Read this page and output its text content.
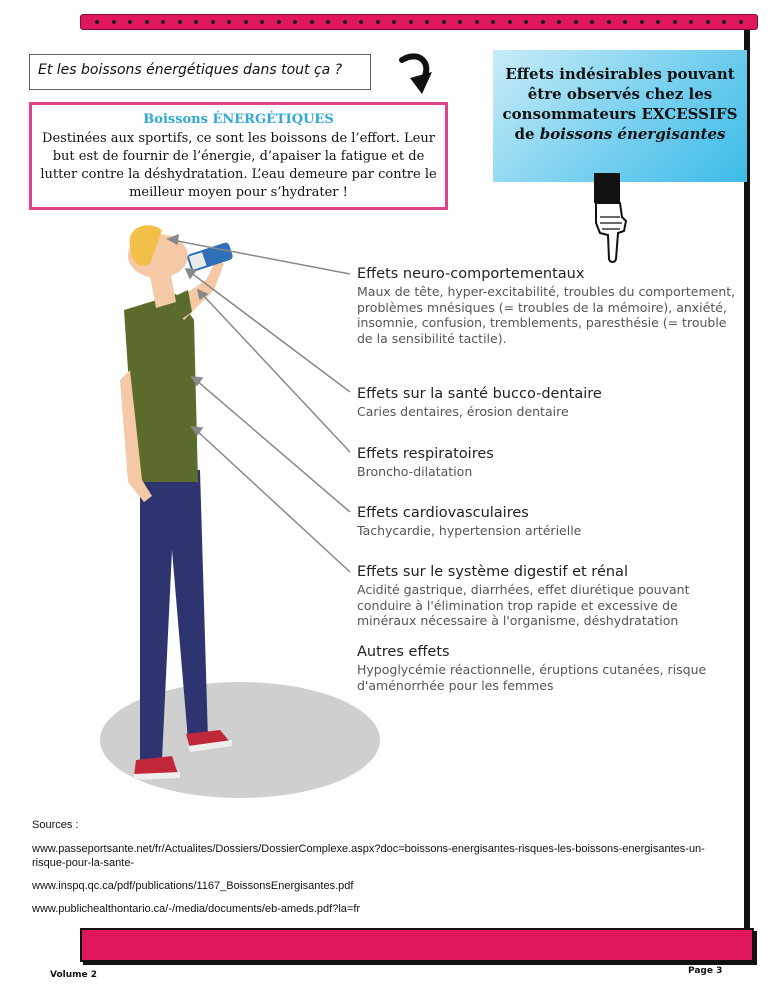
Et les boissons énergétiques dans tout ça ?
Boissons ÉNERGÉTIQUES
Destinées aux sportifs, ce sont les boissons de l’effort. Leur but est de fournir de l’énergie, d’apaiser la fatigue et de lutter contre la déshydratation. L’eau demeure par contre le meilleur moyen pour s’hydrater !
Effets indésirables pouvant être observés chez les consommateurs EXCESSIFS de boissons énergisantes
Effets neuro-comportementaux
Maux de tête, hyper-excitabilité, troubles du comportement, problèmes mnésiques (= troubles de la mémoire), anxiété, insomnie, confusion, tremblements, paresthésie (= trouble de la sensibilité tactile).
Effets sur la santé bucco-dentaire
Caries dentaires, érosion dentaire
Effets respiratoires
Broncho-dilatation
Effets cardiovasculaires
Tachycardie, hypertension artérielle
Effets sur le système digestif et rénal
Acidité gastrique, diarrhées, effet diurétique pouvant conduire à l'élimination trop rapide et excessive de minéraux nécessaire à l'organisme, déshydratation
Autres effets
Hypoglycémie réactionnelle, éruptions cutanées, risque d'aménorrhée pour les femmes
Sources :
www.passeportsante.net/fr/Actualites/Dossiers/DossierComplexe.aspx?doc=boissons-energisantes-risques-les-boissons-energisantes-un-risque-pour-la-sante-
www.inspq.qc.ca/pdf/publications/1167_BoissonsEnergisantes.pdf
www.publichealthontario.ca/-/media/documents/eb-ameds.pdf?la=fr
Volume 2	Page 3
